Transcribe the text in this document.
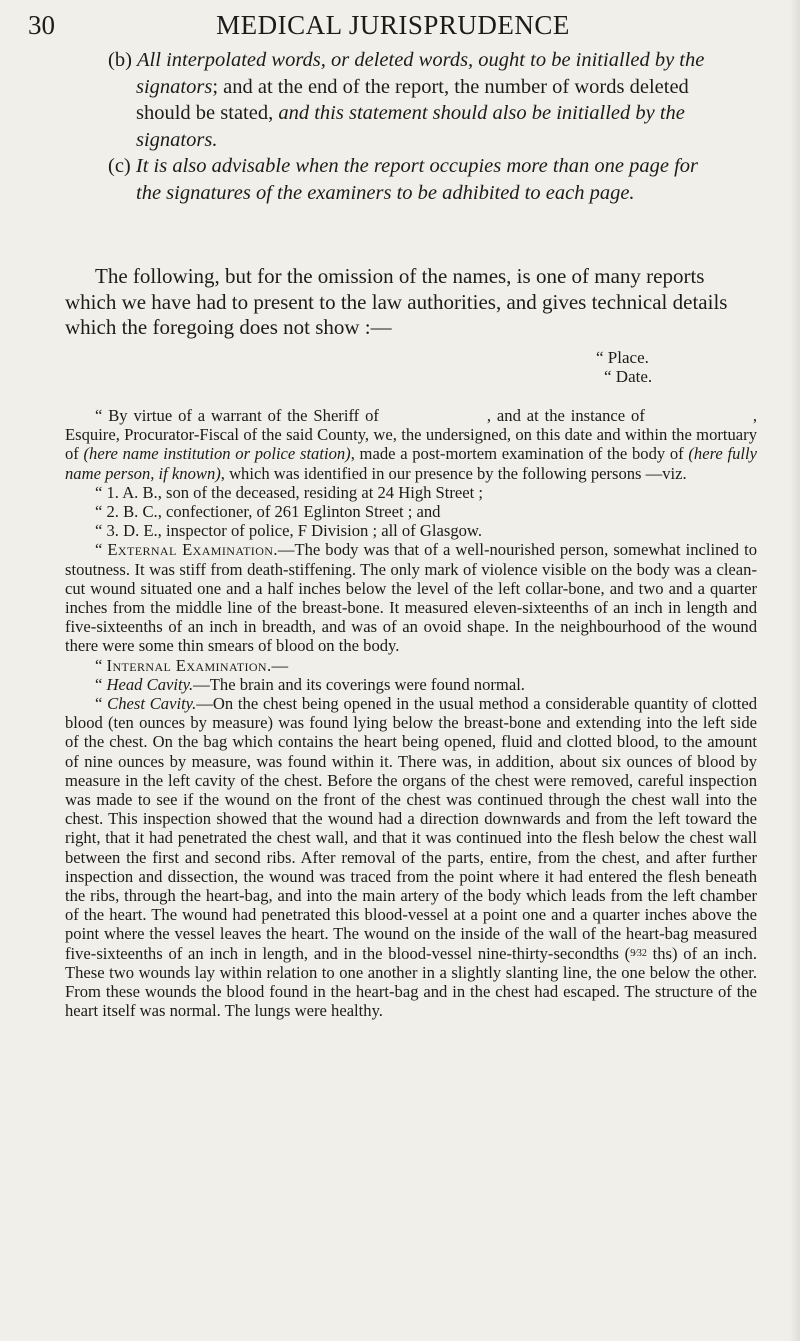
30	MEDICAL JURISPRUDENCE

(b) All interpolated words, or deleted words, ought to be initialled by the signators; and at the end of the report, the number of words deleted should be stated, and this statement should also be initialled by the signators.

(c) It is also advisable when the report occupies more than one page for the signatures of the examiners to be adhibited to each page.

The following, but for the omission of the names, is one of many reports which we have had to present to the law authorities, and gives technical details which the foregoing does not show :—

“ Place.
“ Date.

“ By virtue of a warrant of the Sheriff of	, and at the instance of	, Esquire, Procurator-Fiscal of the said County, we, the undersigned, on this date and within the mortuary of (here name institution or police station), made a post-mortem examination of the body of (here fully name person, if known), which was identified in our presence by the following persons —viz.

“ 1. A. B., son of the deceased, residing at 24 High Street ;

“ 2. B. C., confectioner, of 261 Eglinton Street ; and

“ 3. D. E., inspector of police, F Division ; all of Glasgow.

“ External Examination.—The body was that of a well-nourished person, somewhat inclined to stoutness. It was stiff from death-stiffening. The only mark of violence visible on the body was a clean-cut wound situated one and a half inches below the level of the left collar-bone, and two and a quarter inches from the middle line of the breast-bone. It measured eleven-sixteenths of an inch in length and five-sixteenths of an inch in breadth, and was of an ovoid shape. In the neighbourhood of the wound there were some thin smears of blood on the body.

“ Internal Examination.—

“ Head Cavity.—The brain and its coverings were found normal.

“ Chest Cavity.—On the chest being opened in the usual method a considerable quantity of clotted blood (ten ounces by measure) was found lying below the breast-bone and extending into the left side of the chest. On the bag which contains the heart being opened, fluid and clotted blood, to the amount of nine ounces by measure, was found within it. There was, in addition, about six ounces of blood by measure in the left cavity of the chest. Before the organs of the chest were removed, careful inspection was made to see if the wound on the front of the chest was continued through the chest wall into the chest. This inspection showed that the wound had a direction downwards and from the left toward the right, that it had penetrated the chest wall, and that it was continued into the flesh below the chest wall between the first and second ribs. After removal of the parts, entire, from the chest, and after further inspection and dissection, the wound was traced from the point where it had entered the flesh beneath the ribs, through the heart-bag, and into the main artery of the body which leads from the left chamber of the heart. The wound had penetrated this blood-vessel at a point one and a quarter inches above the point where the vessel leaves the heart. The wound on the inside of the wall of the heart-bag measured five-sixteenths of an inch in length, and in the blood-vessel nine-thirty-secondths (9⁄32 ths) of an inch. These two wounds lay within relation to one another in a slightly slanting line, the one below the other. From these wounds the blood found in the heart-bag and in the chest had escaped. The structure of the heart itself was normal. The lungs were healthy.
